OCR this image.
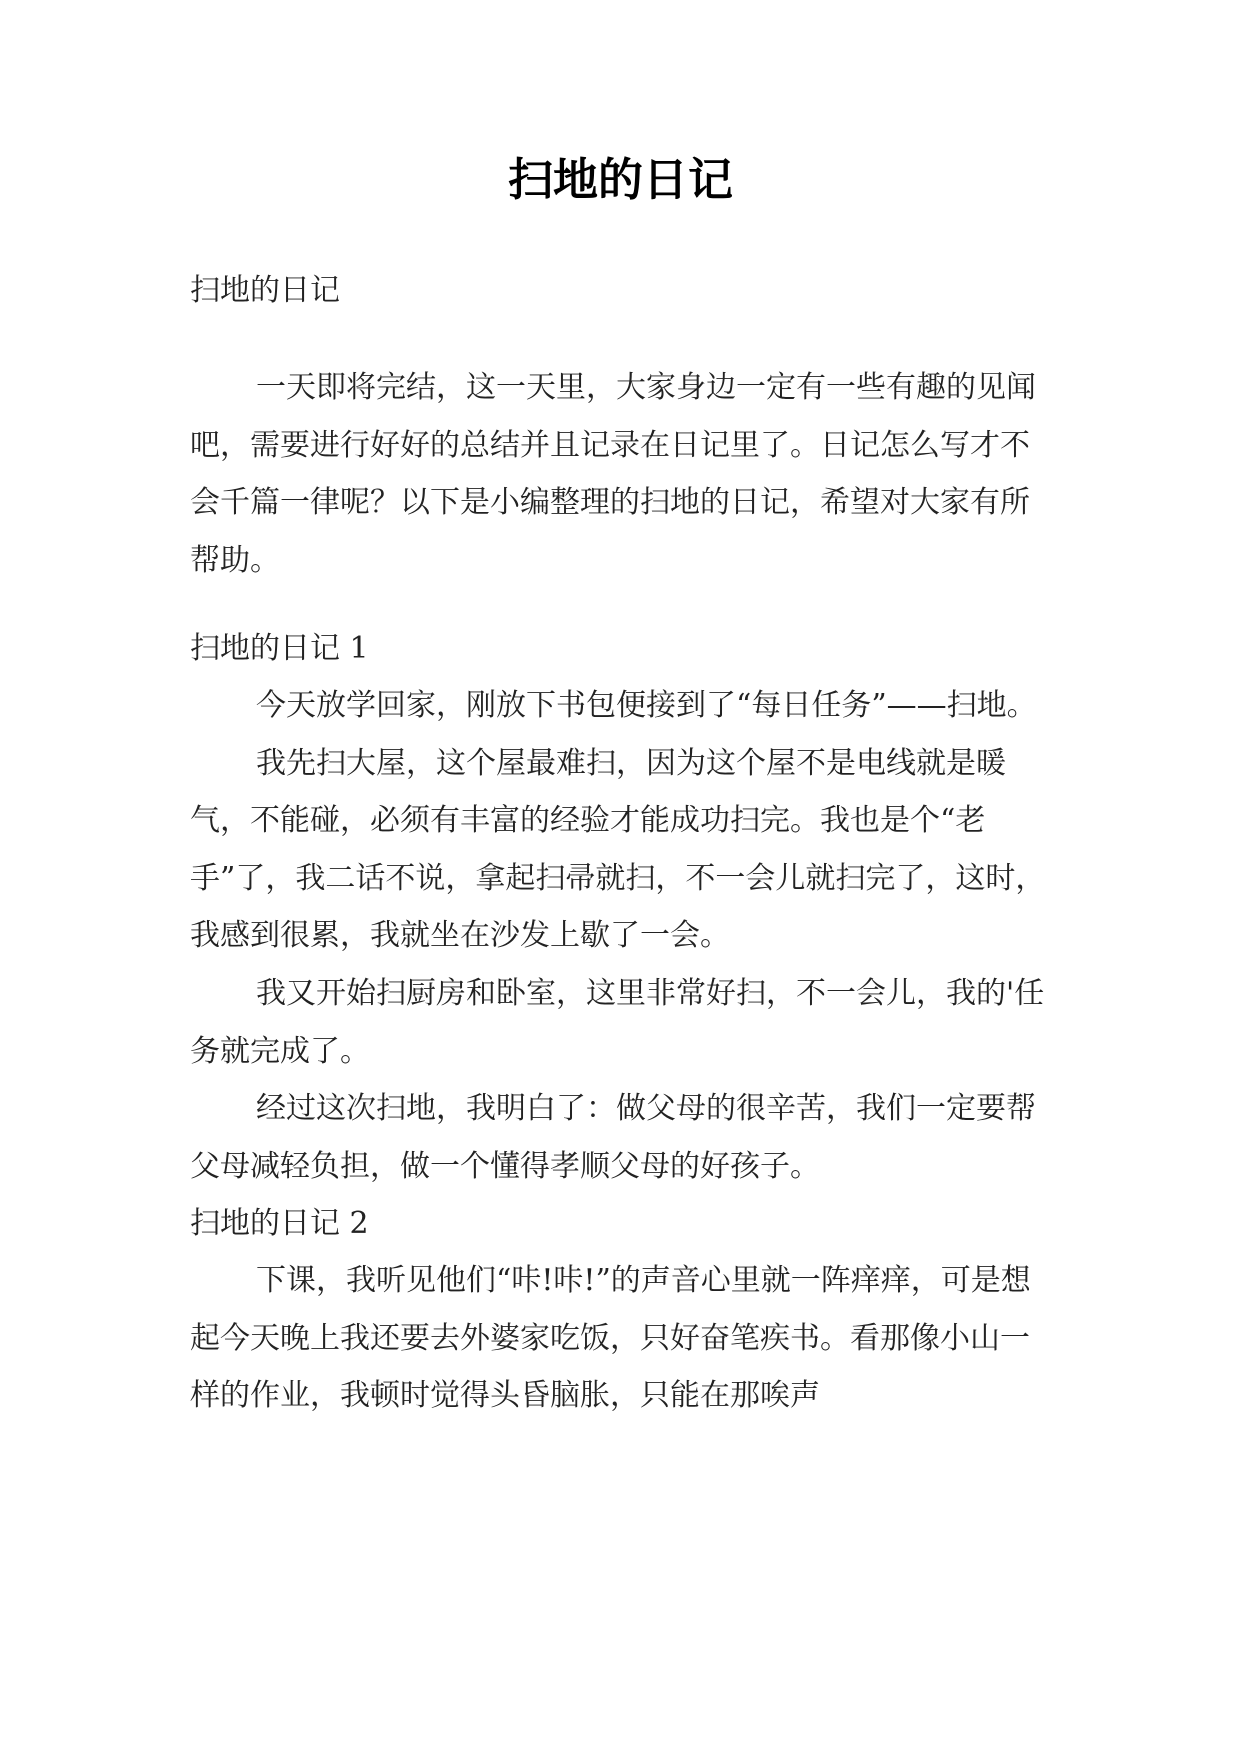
扫地的日记
扫地的日记
一天即将完结，这一天里，大家身边一定有一些有趣的见闻吧，需要进行好好的总结并且记录在日记里了。日记怎么写才不会千篇一律呢？以下是小编整理的扫地的日记，希望对大家有所帮助。
扫地的日记 1

今天放学回家，刚放下书包便接到了“每日任务”——扫地。

我先扫大屋，这个屋最难扫，因为这个屋不是电线就是暖气，不能碰，必须有丰富的经验才能成功扫完。我也是个“老手”了，我二话不说，拿起扫帚就扫，不一会儿就扫完了，这时，我感到很累，我就坐在沙发上歇了一会。

我又开始扫厨房和卧室，这里非常好扫，不一会儿，我的'任务就完成了。

经过这次扫地，我明白了：做父母的很辛苦，我们一定要帮父母减轻负担，做一个懂得孝顺父母的好孩子。

扫地的日记 2

下课，我听见他们“咔!咔!”的声音心里就一阵痒痒，可是想起今天晚上我还要去外婆家吃饭，只好奋笔疾书。看那像小山一样的作业，我顿时觉得头昏脑胀，只能在那唉声
